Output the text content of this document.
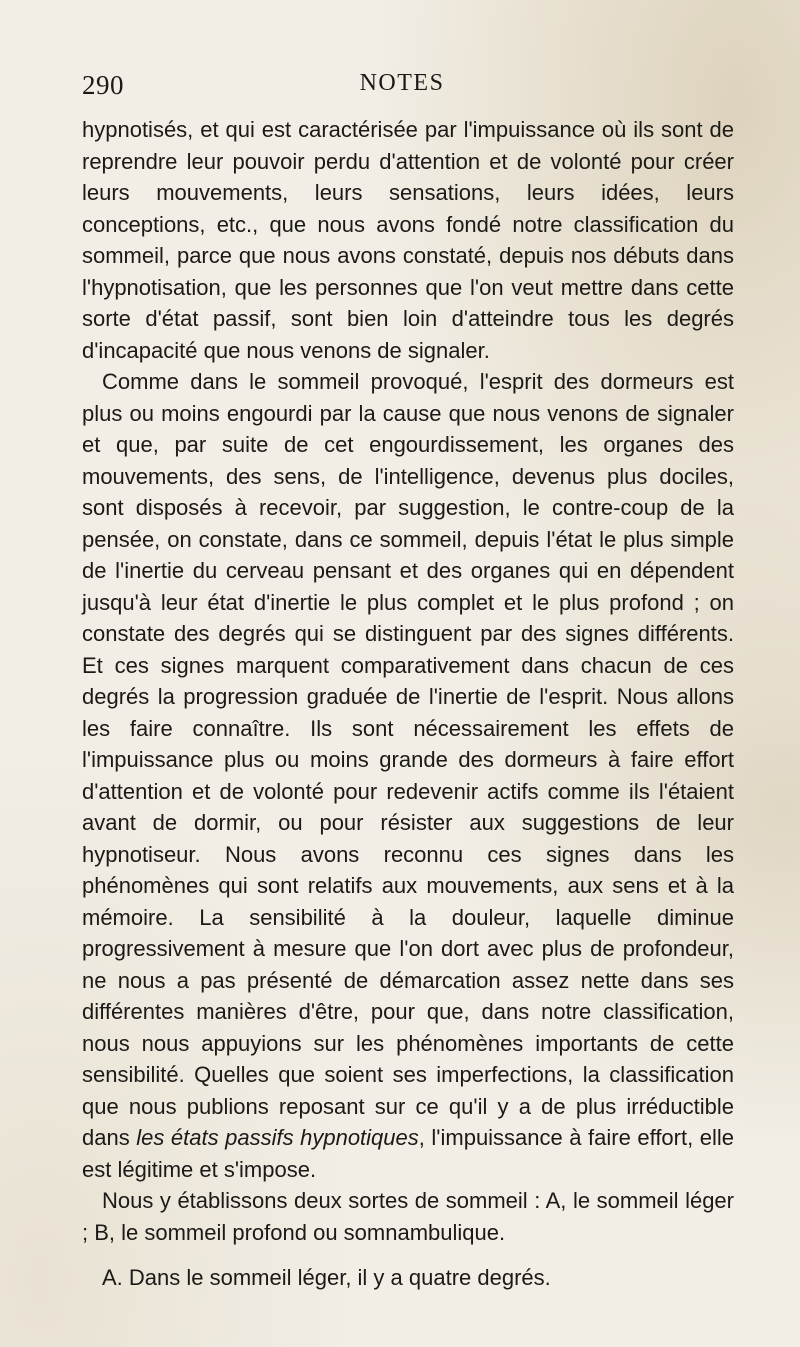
290	NOTES

hypnotisés, et qui est caractérisée par l'impuissance où ils sont de reprendre leur pouvoir perdu d'attention et de volonté pour créer leurs mouvements, leurs sensations, leurs idées, leurs conceptions, etc., que nous avons fondé notre classification du sommeil, parce que nous avons constaté, depuis nos débuts dans l'hypnotisation, que les personnes que l'on veut mettre dans cette sorte d'état passif, sont bien loin d'atteindre tous les degrés d'incapacité que nous venons de signaler.

Comme dans le sommeil provoqué, l'esprit des dormeurs est plus ou moins engourdi par la cause que nous venons de signaler et que, par suite de cet engourdissement, les organes des mouvements, des sens, de l'intelligence, devenus plus dociles, sont disposés à recevoir, par suggestion, le contre-coup de la pensée, on constate, dans ce sommeil, depuis l'état le plus simple de l'inertie du cerveau pensant et des organes qui en dépendent jusqu'à leur état d'inertie le plus complet et le plus profond ; on constate des degrés qui se distinguent par des signes différents. Et ces signes marquent comparativement dans chacun de ces degrés la progression graduée de l'inertie de l'esprit. Nous allons les faire connaître. Ils sont nécessairement les effets de l'impuissance plus ou moins grande des dormeurs à faire effort d'attention et de volonté pour redevenir actifs comme ils l'étaient avant de dormir, ou pour résister aux suggestions de leur hypnotiseur. Nous avons reconnu ces signes dans les phénomènes qui sont relatifs aux mouvements, aux sens et à la mémoire. La sensibilité à la douleur, laquelle diminue progressivement à mesure que l'on dort avec plus de profondeur, ne nous a pas présenté de démarcation assez nette dans ses différentes manières d'être, pour que, dans notre classification, nous nous appuyions sur les phénomènes importants de cette sensibilité. Quelles que soient ses imperfections, la classification que nous publions reposant sur ce qu'il y a de plus irréductible dans les états passifs hypnotiques, l'impuissance à faire effort, elle est légitime et s'impose.

Nous y établissons deux sortes de sommeil : A, le sommeil léger ; B, le sommeil profond ou somnambulique.

A. Dans le sommeil léger, il y a quatre degrés.
